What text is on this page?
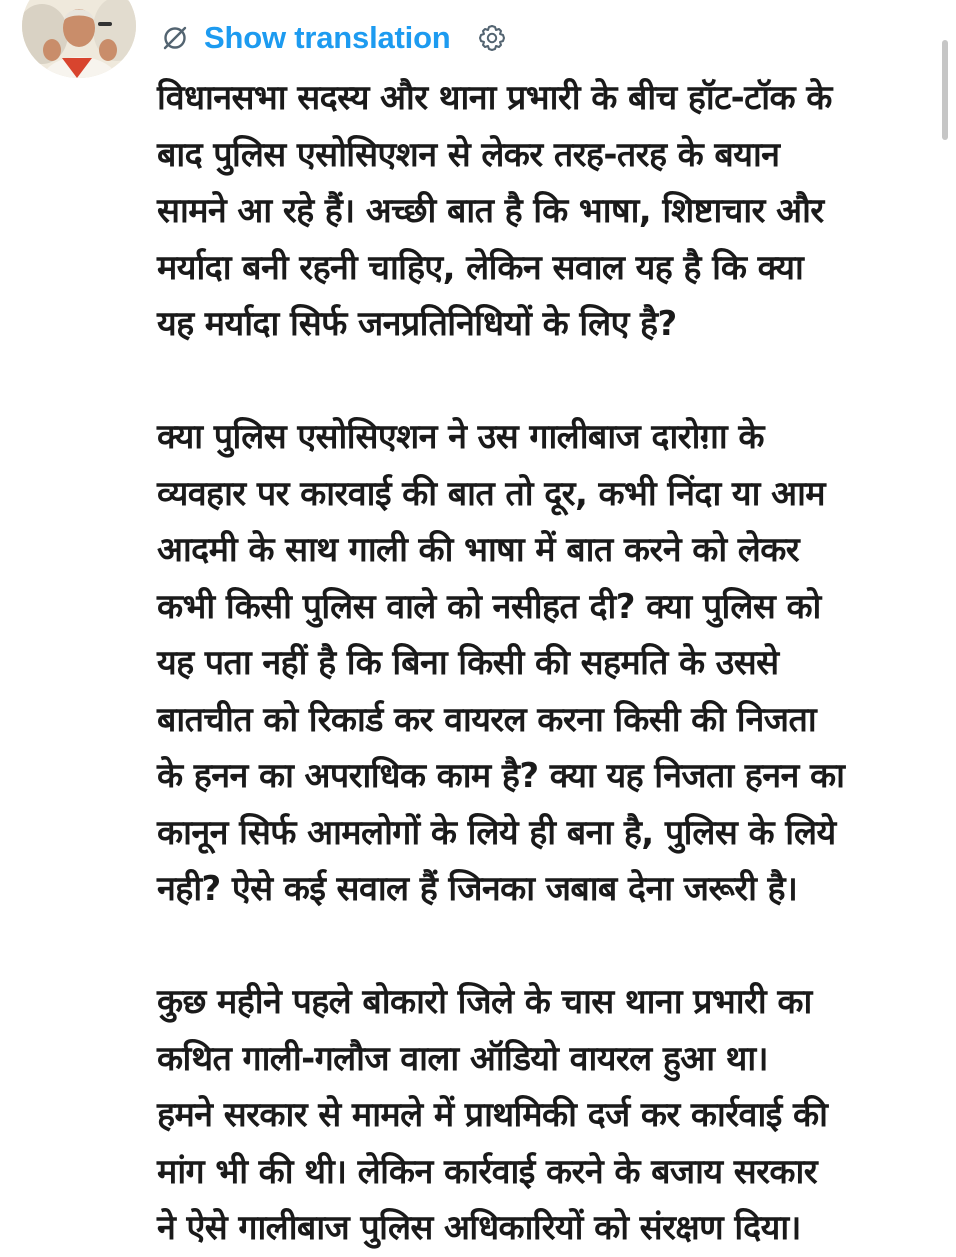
Show translation
विधानसभा सदस्य और थाना प्रभारी के बीच हॉट-टॉक के
बाद पुलिस एसोसिएशन से लेकर तरह-तरह के बयान
सामने आ रहे हैं। अच्छी बात है कि भाषा, शिष्टाचार और
मर्यादा बनी रहनी चाहिए, लेकिन सवाल यह है कि क्या
यह मर्यादा सिर्फ जनप्रतिनिधियों के लिए है?
क्या पुलिस एसोसिएशन ने उस गालीबाज दारोग़ा के
व्यवहार पर कारवाई की बात तो दूर, कभी निंदा या आम
आदमी के साथ गाली की भाषा में बात करने को लेकर
कभी किसी पुलिस वाले को नसीहत दी? क्या पुलिस को
यह पता नहीं है कि बिना किसी की सहमति के उससे
बातचीत को रिकार्ड कर वायरल करना किसी की निजता
के हनन का अपराधिक काम है? क्या यह निजता हनन का
कानून सिर्फ आमलोगों के लिये ही बना है, पुलिस के लिये
नही? ऐसे कई सवाल हैं जिनका जबाब देना जरूरी है।
कुछ महीने पहले बोकारो जिले के चास थाना प्रभारी का
कथित गाली-गलौज वाला ऑडियो वायरल हुआ था।
हमने सरकार से मामले में प्राथमिकी दर्ज कर कार्रवाई की
मांग भी की थी। लेकिन कार्रवाई करने के बजाय सरकार
ने ऐसे गालीबाज पुलिस अधिकारियों को संरक्षण दिया।
